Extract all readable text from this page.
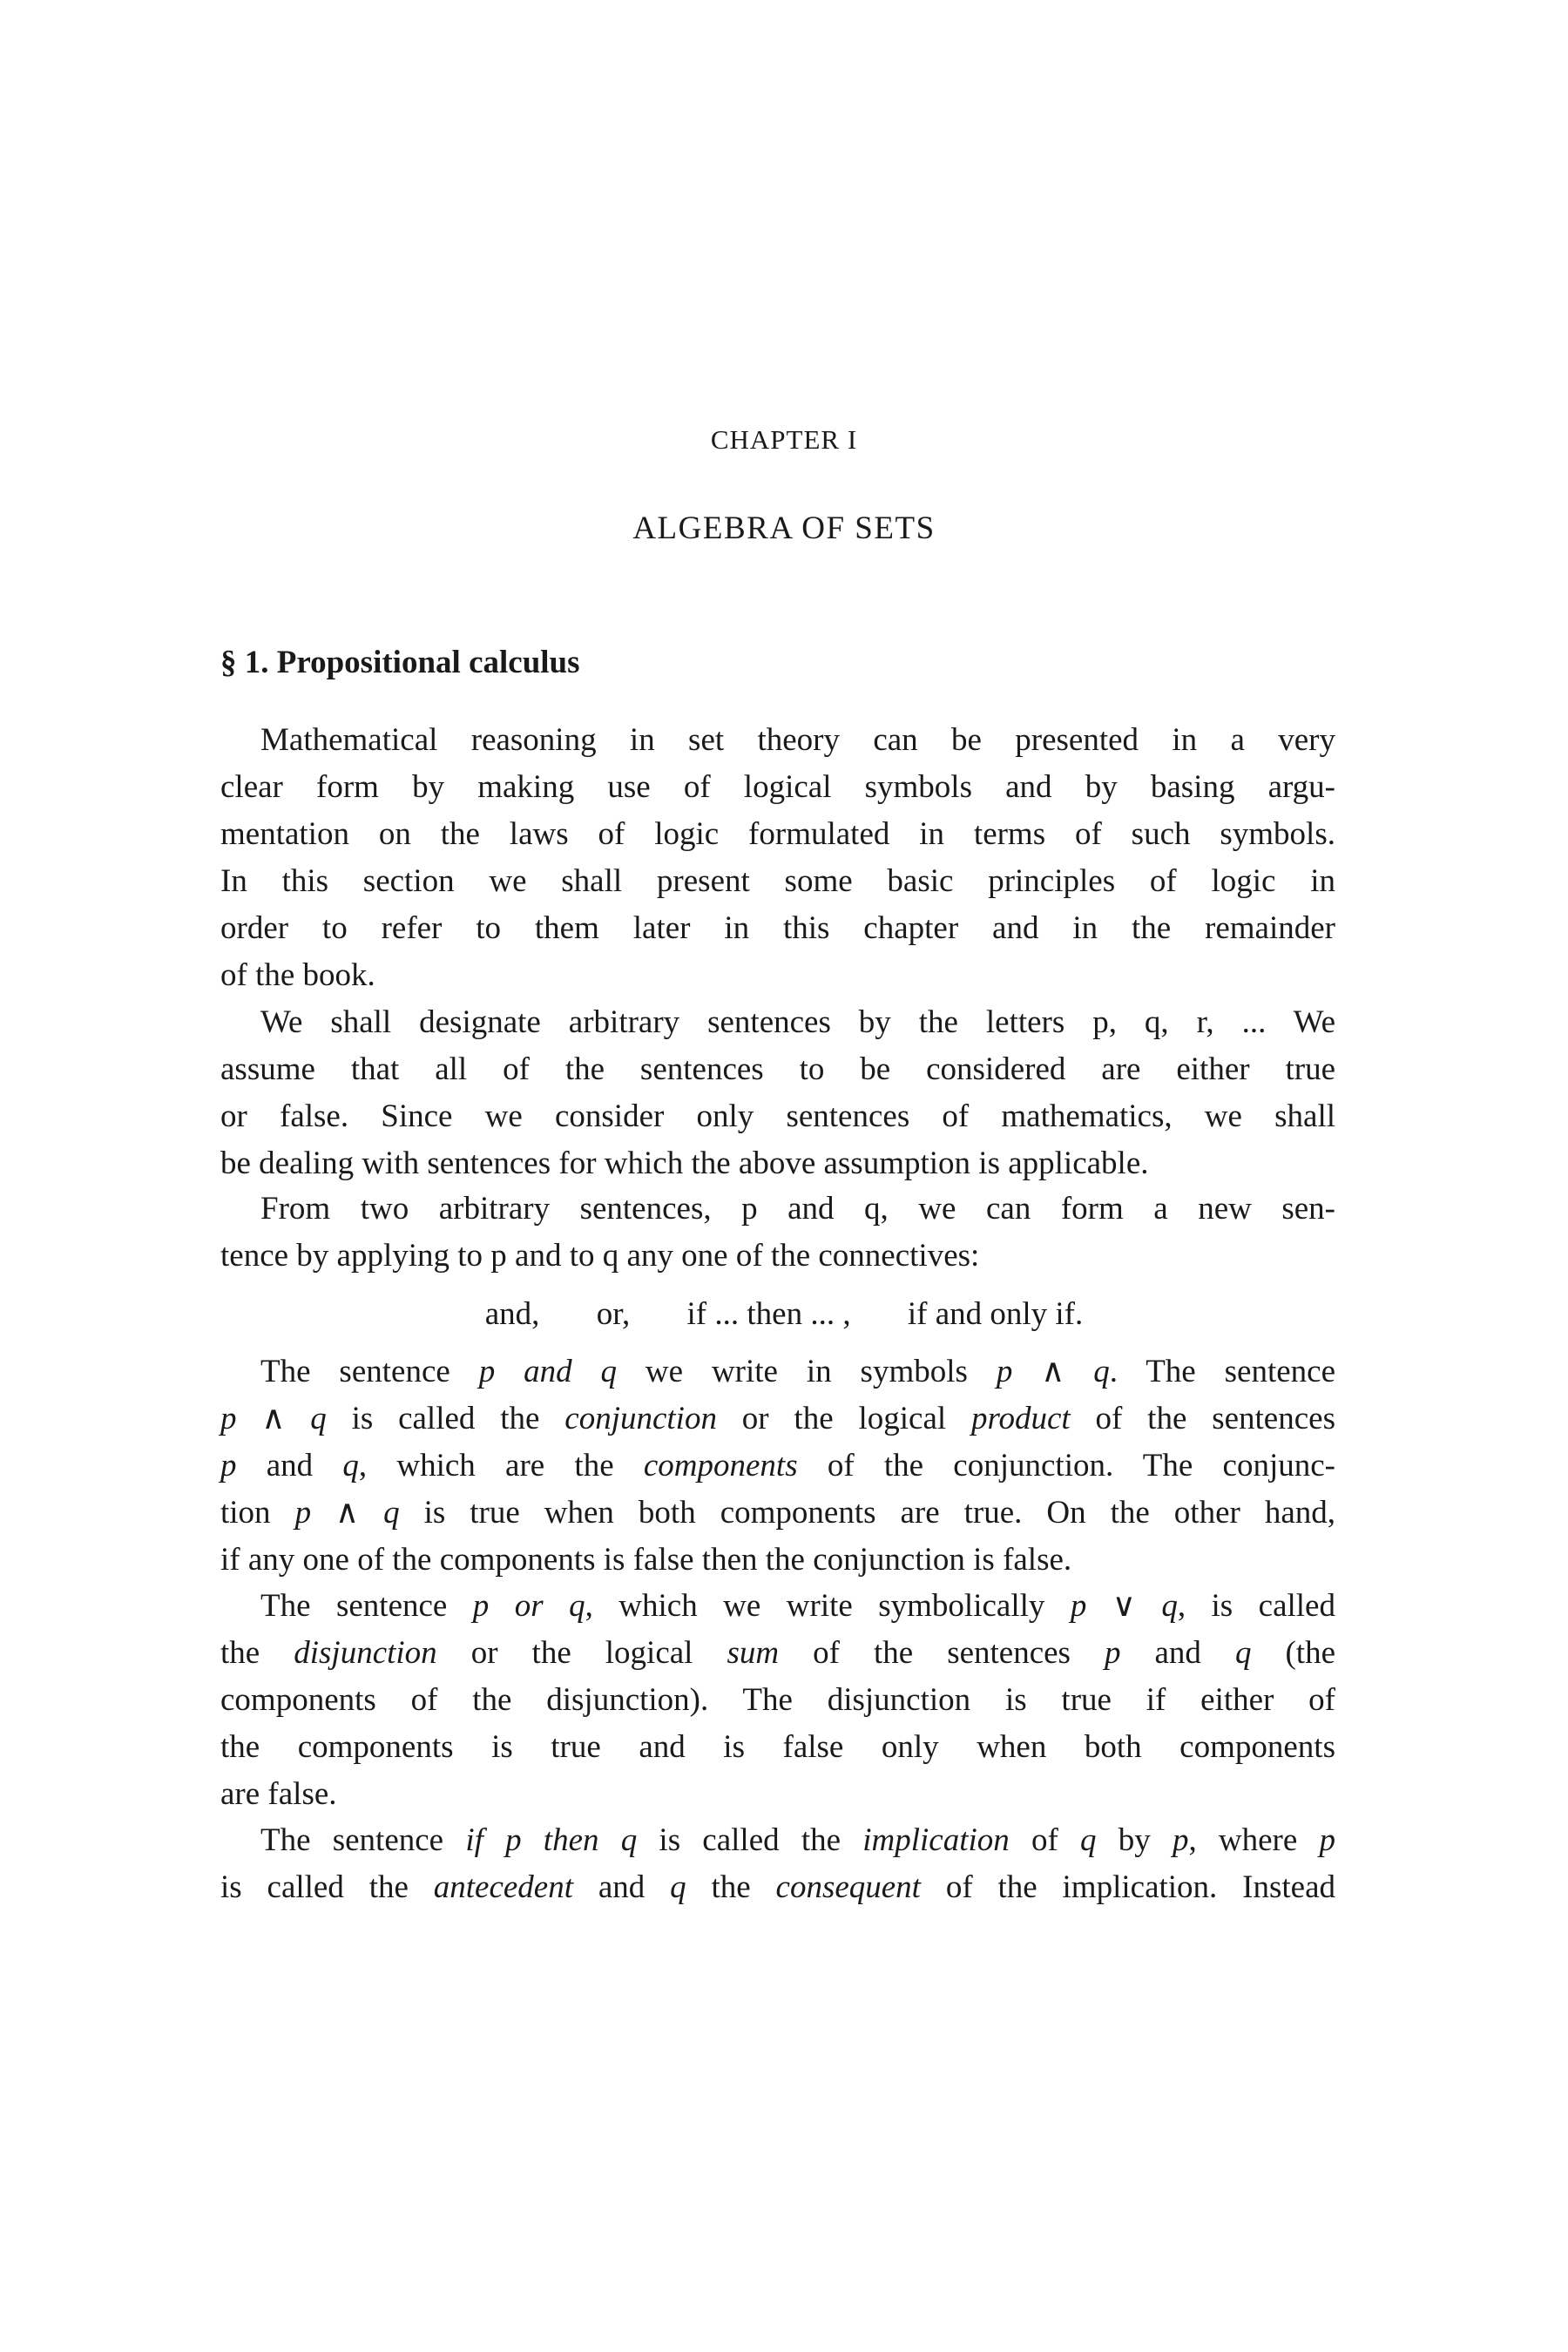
CHAPTER I
ALGEBRA OF SETS
§ 1. Propositional calculus
Mathematical reasoning in set theory can be presented in a very
clear form by making use of logical symbols and by basing argu-
mentation on the laws of logic formulated in terms of such symbols.
In this section we shall present some basic principles of logic in
order to refer to them later in this chapter and in the remainder
of the book.
We shall designate arbitrary sentences by the letters p, q, r, ... We
assume that all of the sentences to be considered are either true
or false. Since we consider only sentences of mathematics, we shall
be dealing with sentences for which the above assumption is applicable.
From two arbitrary sentences, p and q, we can form a new sen-
tence by applying to p and to q any one of the connectives:
and, or, if ... then ... , if and only if.
The sentence p and q we write in symbols p ∧ q. The sentence
p ∧ q is called the conjunction or the logical product of the sentences
p and q, which are the components of the conjunction. The conjunc-
tion p ∧ q is true when both components are true. On the other hand,
if any one of the components is false then the conjunction is false.
The sentence p or q, which we write symbolically p ∨ q, is called
the disjunction or the logical sum of the sentences p and q (the
components of the disjunction). The disjunction is true if either of
the components is true and is false only when both components
are false.
The sentence if p then q is called the implication of q by p, where p
is called the antecedent and q the consequent of the implication. Instead
